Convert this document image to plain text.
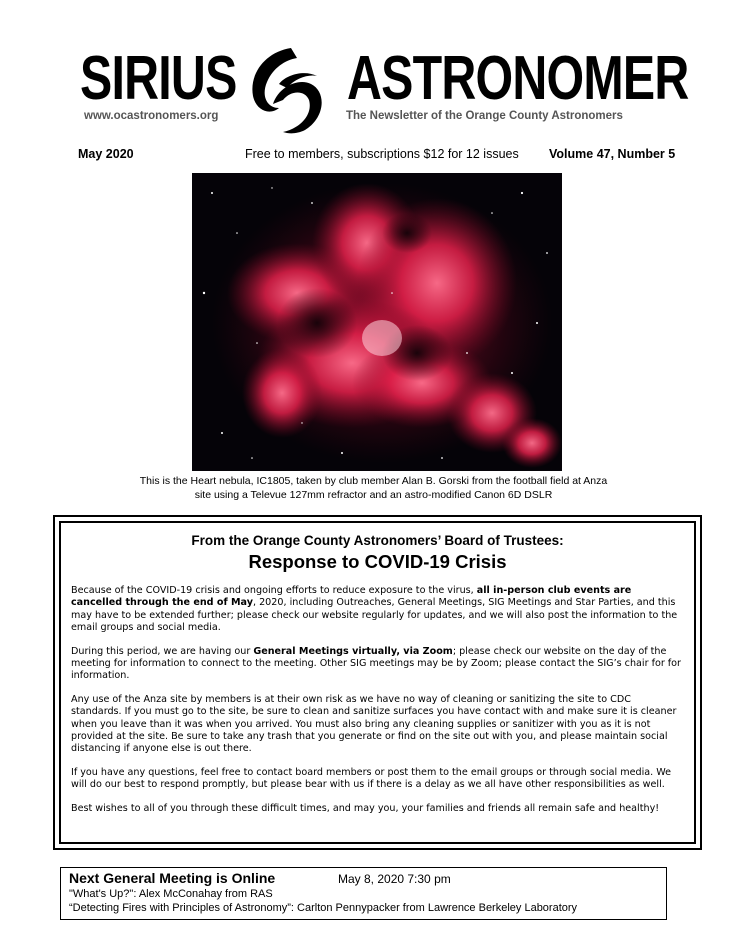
SIRIUS ASTRONOMER
www.ocastronomers.org	The Newsletter of the Orange County Astronomers
May 2020	Free to members, subscriptions $12 for 12 issues Volume 47, Number 5
This is the Heart nebula, IC1805, taken by club member Alan B. Gorski from the football field at Anza
site using a Televue 127mm refractor and an astro-modified Canon 6D DSLR
From the Orange County Astronomers’ Board of Trustees:
Response to COVID-19 Crisis

Because of the COVID-19 crisis and ongoing efforts to reduce exposure to the virus, all in-person club events are cancelled through the end of May, 2020, including Outreaches, General Meetings, SIG Meetings and Star Parties, and this may have to be extended further; please check our website regularly for updates, and we will also post the information to the email groups and social media.

During this period, we are having our General Meetings virtually, via Zoom; please check our website on the day of the meeting for information to connect to the meeting. Other SIG meetings may be by Zoom; please contact the SIG’s chair for for information.

Any use of the Anza site by members is at their own risk as we have no way of cleaning or sanitizing the site to CDC standards. If you must go to the site, be sure to clean and sanitize surfaces you have contact with and make sure it is cleaner when you leave than it was when you arrived. You must also bring any cleaning supplies or sanitizer with you as it is not provided at the site. Be sure to take any trash that you generate or find on the site out with you, and please maintain social distancing if anyone else is out there.

If you have any questions, feel free to contact board members or post them to the email groups or through social media. We will do our best to respond promptly, but please bear with us if there is a delay as we all have other responsibilities as well.

Best wishes to all of you through these difficult times, and may you, your families and friends all remain safe and healthy!

Next General Meeting is Online	May 8, 2020 7:30 pm
"What's Up?": Alex McConahay from RAS
“Detecting Fires with Principles of Astronomy”: Carlton Pennypacker from Lawrence Berkeley Laboratory
